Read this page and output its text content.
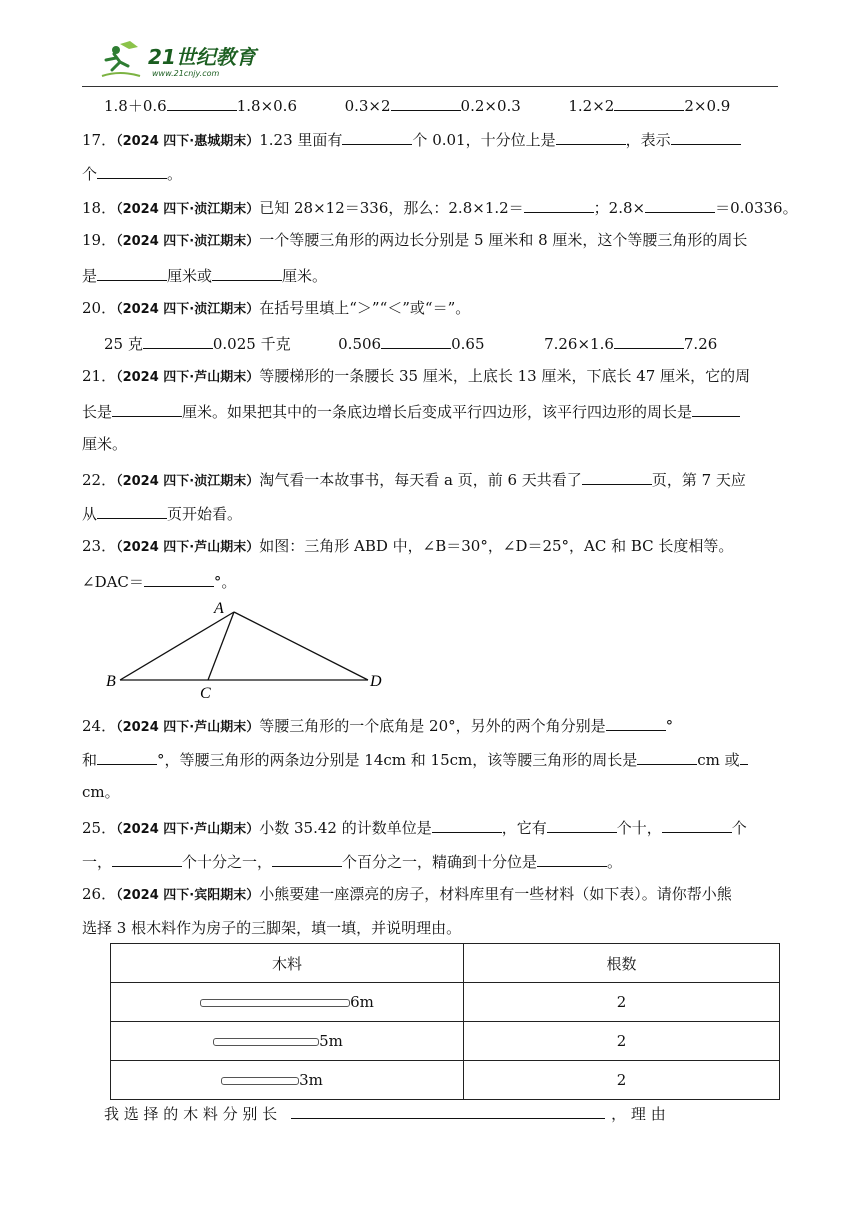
21世纪教育
www.21cnjy.com
1.8＋0.6	1.8×0.6	0.3×2	0.2×0.3	1.2×2	2×0.9
17．（2024 四下·惠城期末）1.23 里面有	个 0.01，十分位上是	，表示
个	。
18．（2024 四下·浈江期末）已知 28×12＝336，那么：2.8×1.2＝	；2.8×	＝0.0336。
19．（2024 四下·浈江期末）一个等腰三角形的两边长分别是 5 厘米和 8 厘米，这个等腰三角形的周长
是	厘米或	厘米。
20．（2024 四下·浈江期末）在括号里填上“＞”“＜”或“＝”。
25 克	0.025 千克	0.506	0.65	7.26×1.6	7.26
21．（2024 四下·芦山期末）等腰梯形的一条腰长 35 厘米，上底长 13 厘米，下底长 47 厘米，它的周
长是	厘米。如果把其中的一条底边增长后变成平行四边形，该平行四边形的周长是
厘米。
22．（2024 四下·浈江期末）淘气看一本故事书，每天看 a 页，前 6 天共看了	页，第 7 天应
从	页开始看。
23．（2024 四下·芦山期末）如图：三角形 ABD 中，∠B＝30°，∠D＝25°，AC 和 BC 长度相等。
∠DAC＝	°。
A
B
C
D
24．（2024 四下·芦山期末）等腰三角形的一个底角是 20°，另外的两个角分别是	°
和	°，等腰三角形的两条边分别是 14cm 和 15cm，该等腰三角形的周长是	cm 或
cm。
25．（2024 四下·芦山期末）小数 35.42 的计数单位是	，它有	个十，	个
一，	个十分之一，	个百分之一，精确到十分位是	。
26．（2024 四下·宾阳期末）小熊要建一座漂亮的房子，材料库里有一些材料（如下表）。请你帮小熊
选择 3 根木料作为房子的三脚架，填一填，并说明理由。
木料	根数
6m	2
5m	2
3m	2
我 选 择 的 木 料 分 别 长	， 理 由
